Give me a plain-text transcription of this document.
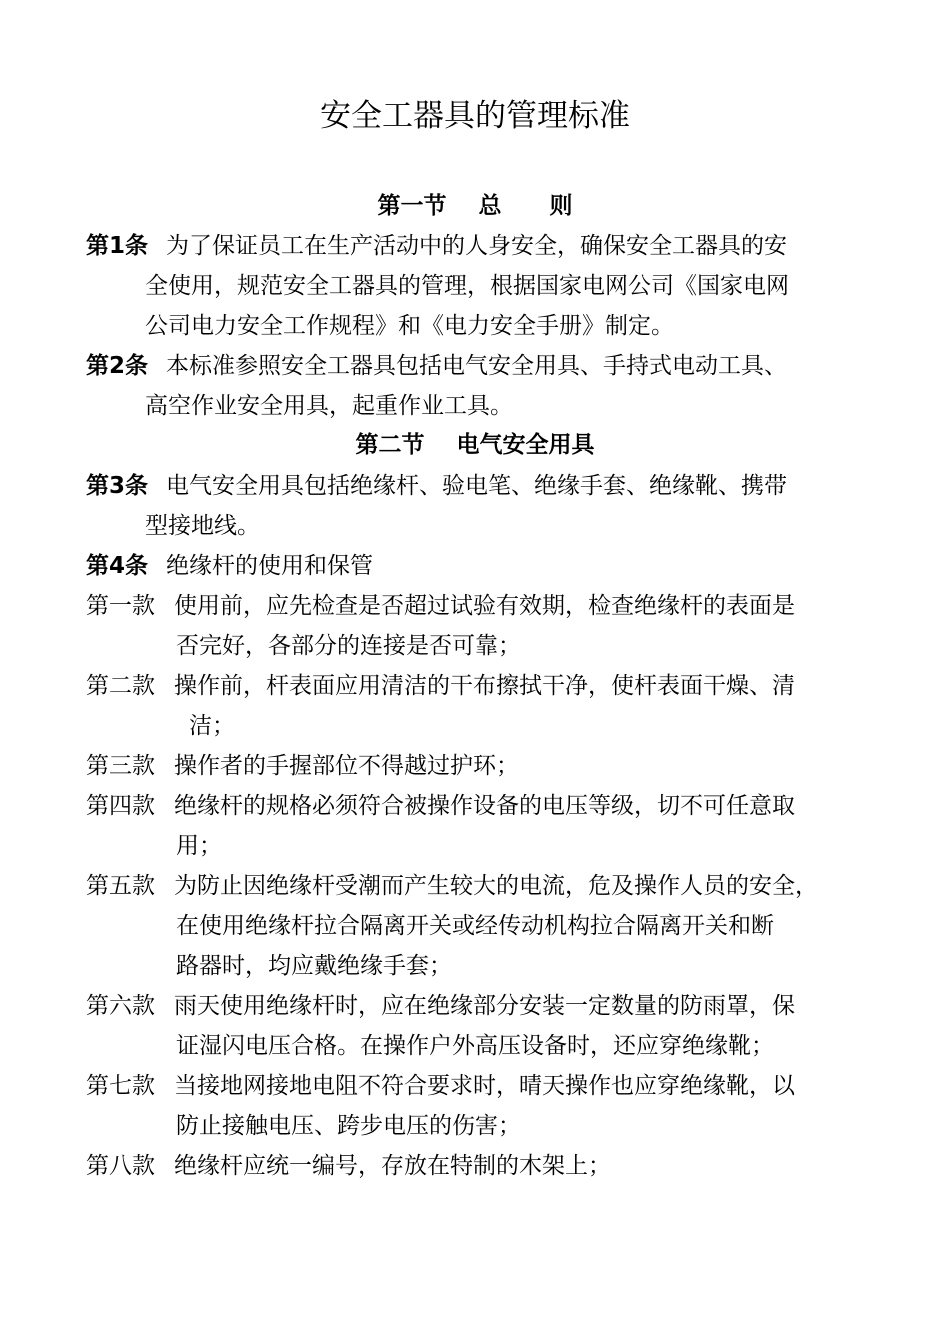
安全工器具的管理标准
第一节    总      则
第1条 为了保证员工在生产活动中的人身安全，确保安全工器具的安
全使用，规范安全工器具的管理，根据国家电网公司《国家电网
公司电力安全工作规程》和《电力安全手册》制定。
第2条 本标准参照安全工器具包括电气安全用具、手持式电动工具、
高空作业安全用具，起重作业工具。
第二节    电气安全用具
第3条 电气安全用具包括绝缘杆、验电笔、绝缘手套、绝缘靴、携带
型接地线。
第4条 绝缘杆的使用和保管
第一款 使用前，应先检查是否超过试验有效期，检查绝缘杆的表面是
否完好，各部分的连接是否可靠；
第二款 操作前，杆表面应用清洁的干布擦拭干净，使杆表面干燥、清
洁；
第三款 操作者的手握部位不得越过护环；
第四款 绝缘杆的规格必须符合被操作设备的电压等级，切不可任意取
用；
第五款 为防止因绝缘杆受潮而产生较大的电流，危及操作人员的安全，
在使用绝缘杆拉合隔离开关或经传动机构拉合隔离开关和断
路器时，均应戴绝缘手套；
第六款 雨天使用绝缘杆时，应在绝缘部分安装一定数量的防雨罩，保
证湿闪电压合格。在操作户外高压设备时，还应穿绝缘靴；
第七款 当接地网接地电阻不符合要求时，晴天操作也应穿绝缘靴，以
防止接触电压、跨步电压的伤害；
第八款 绝缘杆应统一编号，存放在特制的木架上；
